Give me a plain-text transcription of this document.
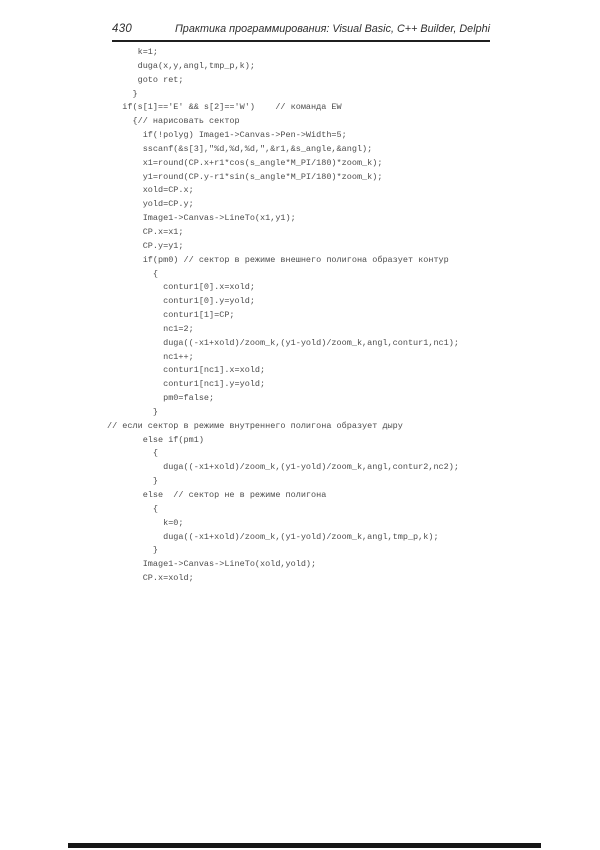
430	Практика программирования: Visual Basic, C++ Builder, Delphi
k=1;
duga(x,y,angl,tmp_p,k);
goto ret;
}
if(s[1]=='E' && s[2]=='W')    // команда EW
{// нарисовать сектор
if(!polyg) Image1->Canvas->Pen->Width=5;
sscanf(&s[3],"%d,%d,%d,",&r1,&s_angle,&angl);
x1=round(CP.x+r1*cos(s_angle*M_PI/180)*zoom_k);
y1=round(CP.y-r1*sin(s_angle*M_PI/180)*zoom_k);
xold=CP.x;
yold=CP.y;
Image1->Canvas->LineTo(x1,y1);
CP.x=x1;
CP.y=y1;
if(pm0) // сектор в режиме внешнего полигона образует контур
{
contur1[0].x=xold;
contur1[0].y=yold;
contur1[1]=CP;
nc1=2;
duga((-x1+xold)/zoom_k,(y1-yold)/zoom_k,angl,contur1,nc1);
nc1++;
contur1[nc1].x=xold;
contur1[nc1].y=yold;
pm0=false;
}
// если сектор в режиме внутреннего полигона образует дыру
else if(pm1)
{
duga((-x1+xold)/zoom_k,(y1-yold)/zoom_k,angl,contur2,nc2);
}
else  // сектор не в режиме полигона
{
k=0;
duga((-x1+xold)/zoom_k,(y1-yold)/zoom_k,angl,tmp_p,k);
}
Image1->Canvas->LineTo(xold,yold);
CP.x=xold;
